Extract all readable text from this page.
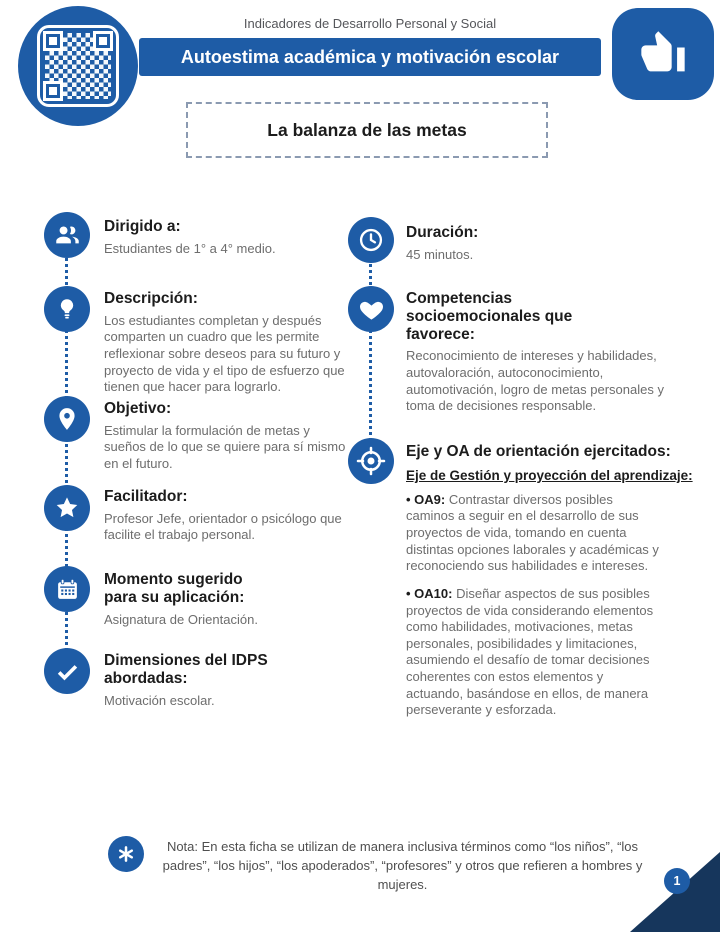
Indicadores de Desarrollo Personal y Social
Autoestima académica y motivación escolar
La balanza de las metas
Dirigido a:

Estudiantes de 1° a 4° medio.

Descripción:

Los estudiantes completan y después comparten un cuadro que les permite reflexionar sobre deseos para su futuro y proyecto de vida y el tipo de esfuerzo que tienen que hacer para lograrlo.

Objetivo:

Estimular la formulación de metas y sueños de lo que se quiere para sí mismo en el futuro.

Facilitador:

Profesor Jefe, orientador o psicólogo que facilite el trabajo personal.

Momento sugerido para su aplicación:

Asignatura de Orientación.

Dimensiones del IDPS abordadas:

Motivación escolar.

Duración:

45 minutos.

Competencias socioemocionales que favorece:

Reconocimiento de intereses y habilidades, autovaloración, autoconocimiento, automotivación, logro de metas personales y toma de decisiones responsable.

Eje y OA de orientación ejercitados:

Eje de Gestión y proyección del aprendizaje:

• OA9: Contrastar diversos posibles caminos a seguir en el desarrollo de sus proyectos de vida, tomando en cuenta distintas opciones laborales y académicas y reconociendo sus habilidades e intereses.

• OA10: Diseñar aspectos de sus posibles proyectos de vida considerando elementos como habilidades, motivaciones, metas personales, posibilidades y limitaciones, asumiendo el desafío de tomar decisiones coherentes con estos elementos y actuando, basándose en ellos, de manera perseverante y esforzada.

Nota: En esta ficha se utilizan de manera inclusiva términos como “los niños”, “los padres”, “los hijos”, “los apoderados”, “profesores” y otros que refieren a hombres y mujeres.	1
